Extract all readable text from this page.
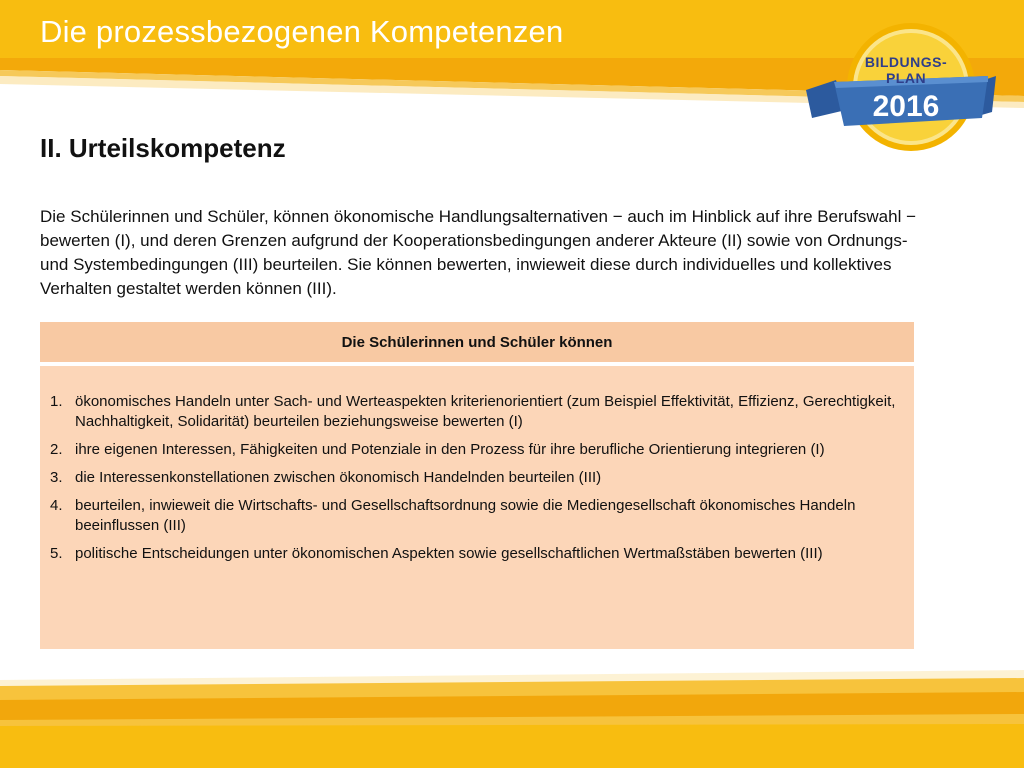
Die prozessbezogenen Kompetenzen
BILDUNGS-
PLAN
2016
II. Urteilskompetenz
Die Schülerinnen und Schüler, können ökonomische Handlungsalternativen − auch im Hinblick auf ihre Berufswahl − bewerten (I), und deren Grenzen aufgrund der Kooperationsbedingungen anderer Akteure (II) sowie von Ordnungs- und Systembedingungen (III) beurteilen. Sie können bewerten, inwieweit diese durch individuelles und kollektives Verhalten gestaltet werden können (III).
Die Schülerinnen und Schüler können
1. ökonomisches Handeln unter Sach- und Werteaspekten kriterienorientiert (zum Beispiel Effektivität, Effizienz, Gerechtigkeit, Nachhaltigkeit, Solidarität) beurteilen beziehungsweise bewerten (I)
2. ihre eigenen Interessen, Fähigkeiten und Potenziale in den Prozess für ihre berufliche Orientierung integrieren (I)
3. die Interessenkonstellationen zwischen ökonomisch Handelnden beurteilen (III)
4. beurteilen, inwieweit die Wirtschafts- und Gesellschaftsordnung sowie die Mediengesellschaft ökonomisches Handeln beeinflussen (III)
5. politische Entscheidungen unter ökonomischen Aspekten sowie gesellschaftlichen Wertmaßstäben bewerten (III)
